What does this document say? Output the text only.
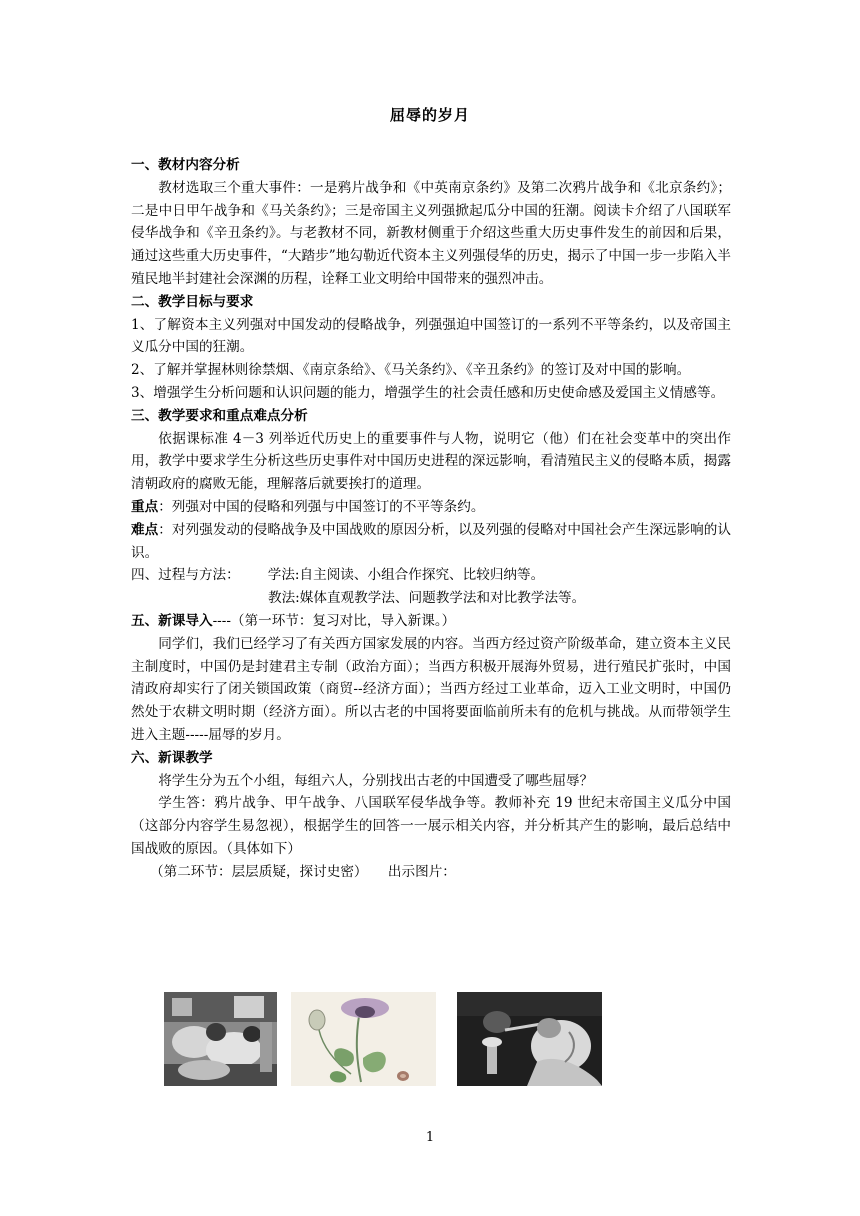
屈辱的岁月

一、教材内容分析

教材选取三个重大事件：一是鸦片战争和《中英南京条约》及第二次鸦片战争和《北京条约》；二是中日甲午战争和《马关条约》；三是帝国主义列强掀起瓜分中国的狂潮。阅读卡介绍了八国联军侵华战争和《辛丑条约》。与老教材不同，新教材侧重于介绍这些重大历史事件发生的前因和后果，通过这些重大历史事件，“大踏步”地勾勒近代资本主义列强侵华的历史，揭示了中国一步一步陷入半殖民地半封建社会深渊的历程，诠释工业文明给中国带来的强烈冲击。

二、教学目标与要求

1、了解资本主义列强对中国发动的侵略战争，列强强迫中国签订的一系列不平等条约，以及帝国主义瓜分中国的狂潮。

2、了解并掌握林则徐禁烟、《南京条给》、《马关条约》、《辛丑条约》的签订及对中国的影响。

3、增强学生分析问题和认识问题的能力，增强学生的社会责任感和历史使命感及爱国主义情感等。

三、教学要求和重点难点分析

依据课标准 4－3 列举近代历史上的重要事件与人物，说明它（他）们在社会变革中的突出作用，教学中要求学生分析这些历史事件对中国历史进程的深远影响，看清殖民主义的侵略本质，揭露清朝政府的腐败无能，理解落后就要挨打的道理。

重点：列强对中国的侵略和列强与中国签订的不平等条约。

难点：对列强发动的侵略战争及中国战败的原因分析，以及列强的侵略对中国社会产生深远影响的认识。

四、过程与方法： 学法:自主阅读、小组合作探究、比较归纳等。

教法:媒体直观教学法、问题教学法和对比教学法等。

五、新课导入----（第一环节：复习对比，导入新课。）

同学们，我们已经学习了有关西方国家发展的内容。当西方经过资产阶级革命，建立资本主义民主制度时，中国仍是封建君主专制（政治方面）；当西方积极开展海外贸易，进行殖民扩张时，中国清政府却实行了闭关锁国政策（商贸--经济方面）；当西方经过工业革命，迈入工业文明时，中国仍然处于农耕文明时期（经济方面）。所以古老的中国将要面临前所未有的危机与挑战。从而带领学生进入主题-----屈辱的岁月。

六、新课教学

将学生分为五个小组，每组六人，分别找出古老的中国遭受了哪些屈辱？

学生答：鸦片战争、甲午战争、八国联军侵华战争等。教师补充 19 世纪末帝国主义瓜分中国（这部分内容学生易忽视），根据学生的回答一一展示相关内容，并分析其产生的影响，最后总结中国战败的原因。（具体如下）

（第二环节：层层质疑，探讨史密）　　出示图片：

1
